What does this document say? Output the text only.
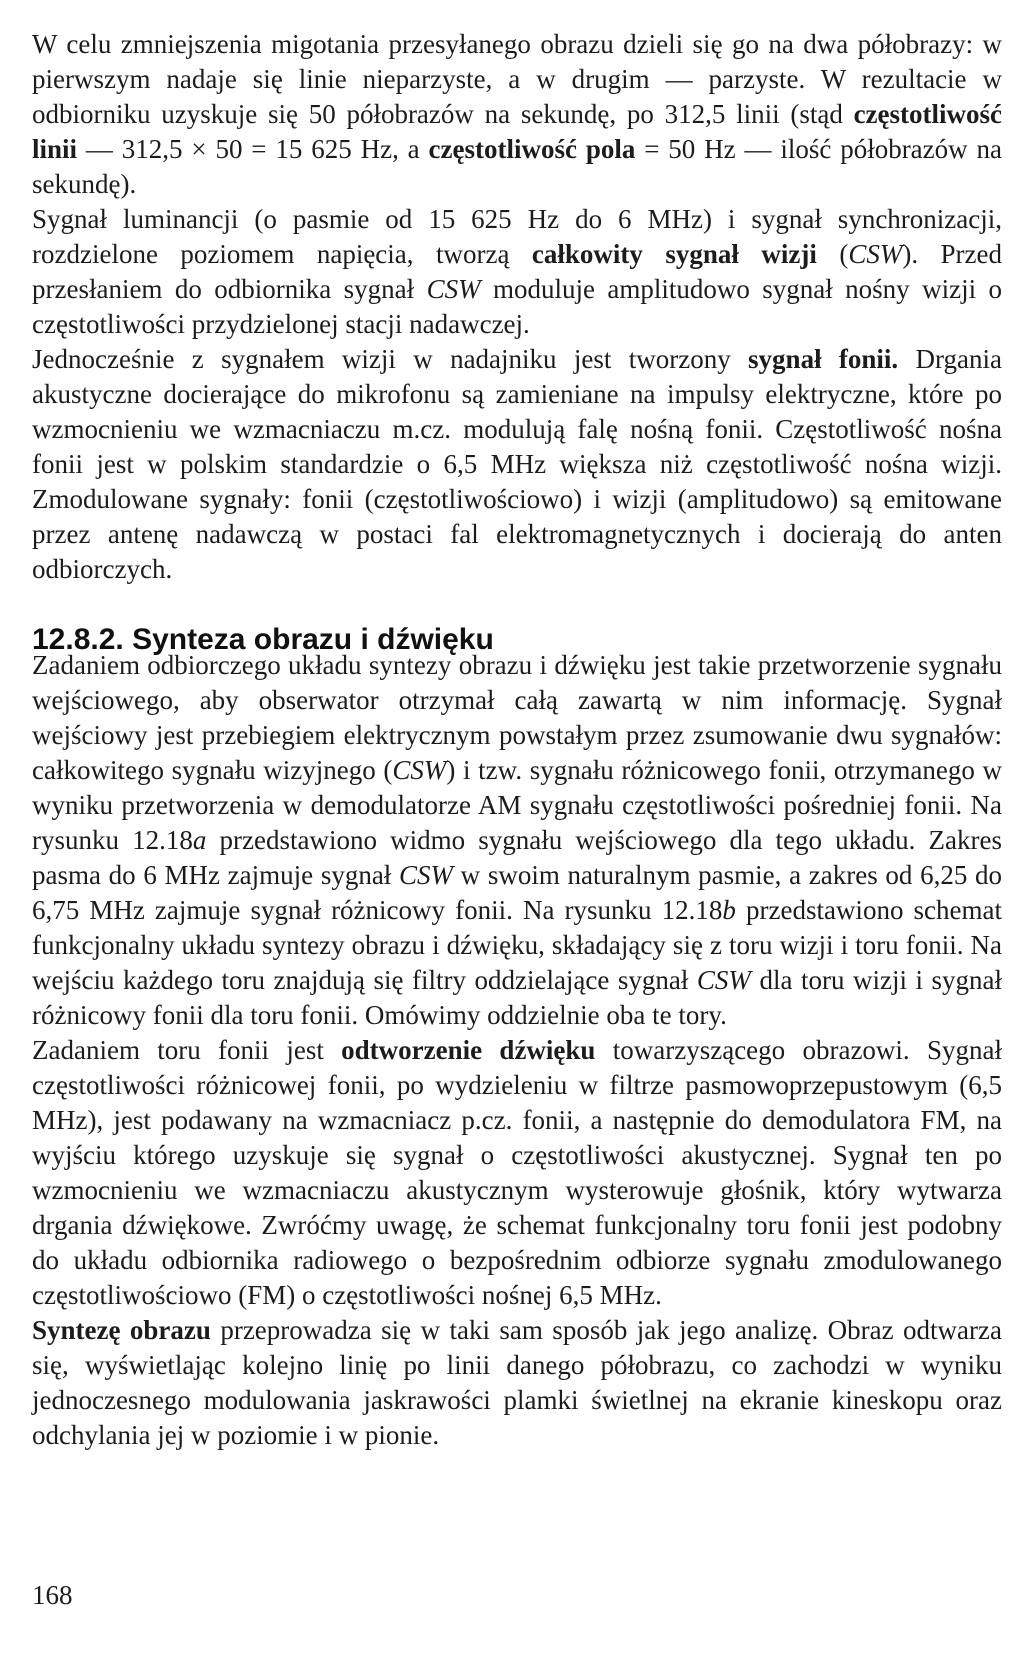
W celu zmniejszenia migotania przesyłanego obrazu dzieli się go na dwa półobrazy: w pierwszym nadaje się linie nieparzyste, a w drugim — parzyste. W rezultacie w odbiorniku uzyskuje się 50 półobrazów na sekundę, po 312,5 linii (stąd częstotliwość linii — 312,5 × 50 = 15 625 Hz, a częstotliwość pola = 50 Hz — ilość półobrazów na sekundę).

Sygnał luminancji (o pasmie od 15 625 Hz do 6 MHz) i sygnał synchronizacji, rozdzielone poziomem napięcia, tworzą całkowity sygnał wizji (CSW). Przed przesłaniem do odbiornika sygnał CSW moduluje amplitudowo sygnał nośny wizji o częstotliwości przydzielonej stacji nadawczej.

Jednocześnie z sygnałem wizji w nadajniku jest tworzony sygnał fonii. Drgania akustyczne docierające do mikrofonu są zamieniane na impulsy elektryczne, które po wzmocnieniu we wzmacniaczu m.cz. modulują falę nośną fonii. Częstotliwość nośna fonii jest w polskim standardzie o 6,5 MHz większa niż częstotliwość nośna wizji. Zmodulowane sygnały: fonii (częstotliwościowo) i wizji (amplitudowo) są emitowane przez antenę nadawczą w postaci fal elektromagnetycznych i docierają do anten odbiorczych.

12.8.2. Synteza obrazu i dźwięku

Zadaniem odbiorczego układu syntezy obrazu i dźwięku jest takie przetworzenie sygnału wejściowego, aby obserwator otrzymał całą zawartą w nim informację. Sygnał wejściowy jest przebiegiem elektrycznym powstałym przez zsumowanie dwu sygnałów: całkowitego sygnału wizyjnego (CSW) i tzw. sygnału różnicowego fonii, otrzymanego w wyniku przetworzenia w demodulatorze AM sygnału częstotliwości pośredniej fonii. Na rysunku 12.18a przedstawiono widmo sygnału wejściowego dla tego układu. Zakres pasma do 6 MHz zajmuje sygnał CSW w swoim naturalnym pasmie, a zakres od 6,25 do 6,75 MHz zajmuje sygnał różnicowy fonii. Na rysunku 12.18b przedstawiono schemat funkcjonalny układu syntezy obrazu i dźwięku, składający się z toru wizji i toru fonii. Na wejściu każdego toru znajdują się filtry oddzielające sygnał CSW dla toru wizji i sygnał różnicowy fonii dla toru fonii. Omówimy oddzielnie oba te tory.

Zadaniem toru fonii jest odtworzenie dźwięku towarzyszącego obrazowi. Sygnał częstotliwości różnicowej fonii, po wydzieleniu w filtrze pasmowoprzepustowym (6,5 MHz), jest podawany na wzmacniacz p.cz. fonii, a następnie do demodulatora FM, na wyjściu którego uzyskuje się sygnał o częstotliwości akustycznej. Sygnał ten po wzmocnieniu we wzmacniaczu akustycznym wysterowuje głośnik, który wytwarza drgania dźwiękowe. Zwróćmy uwagę, że schemat funkcjonalny toru fonii jest podobny do układu odbiornika radiowego o bezpośrednim odbiorze sygnału zmodulowanego częstotliwościowo (FM) o częstotliwości nośnej 6,5 MHz.

Syntezę obrazu przeprowadza się w taki sam sposób jak jego analizę. Obraz odtwarza się, wyświetlając kolejno linię po linii danego półobrazu, co zachodzi w wyniku jednoczesnego modulowania jaskrawości plamki świetlnej na ekranie kineskopu oraz odchylania jej w poziomie i w pionie.

168
